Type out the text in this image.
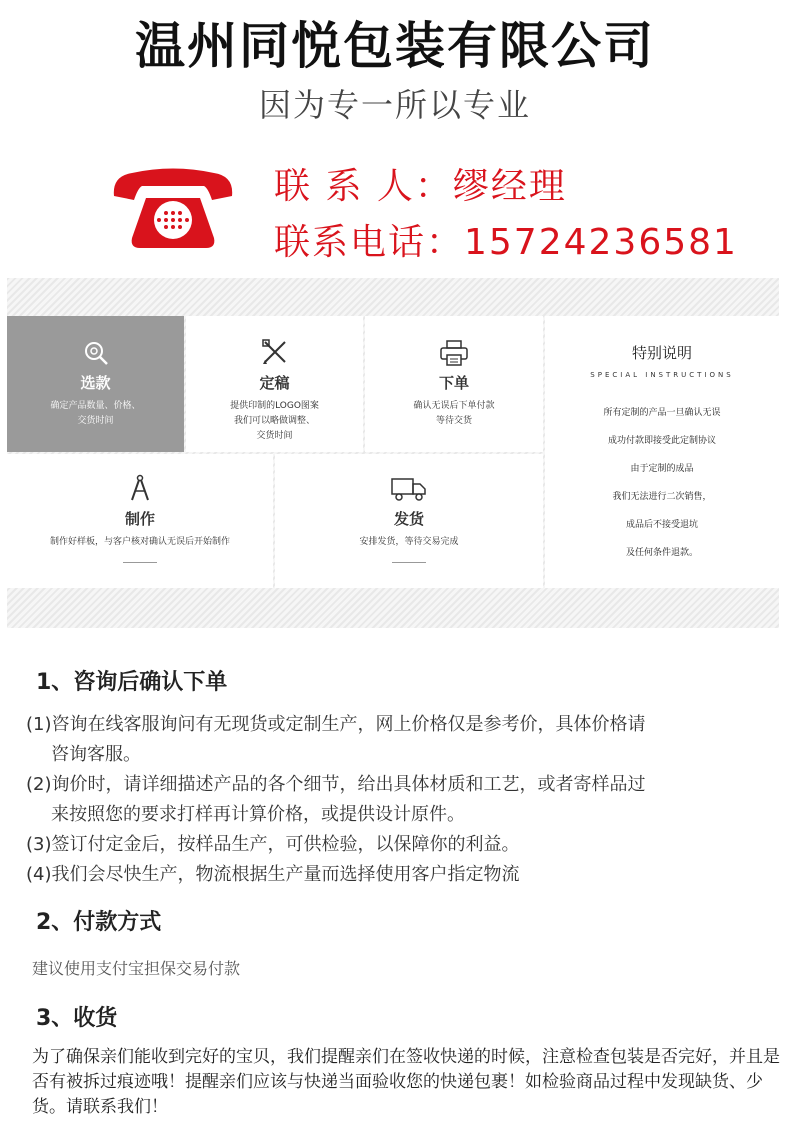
温州同悦包装有限公司
因为专一所以专业
联 系 人：缪经理
联系电话：15724236581
选款
确定产品数量、价格、
交货时间
定稿
提供印制的LOGO图案
我们可以略做调整、
交货时间
下单
确认无误后下单付款
等待交货
制作
制作好样板，与客户核对确认无误后开始制作
发货
安排发货，等待交易完成
特别说明
SPECIAL INSTRUCTIONS
所有定制的产品一旦确认无误
成功付款即接受此定制协议
由于定制的成品
我们无法进行二次销售，
成品后不接受退坑
及任何条件退款。
1、咨询后确认下单
(1)咨询在线客服询问有无现货或定制生产，网上价格仅是参考价，具体价格请
咨询客服。
(2)询价时，请详细描述产品的各个细节，给出具体材质和工艺，或者寄样品过
来按照您的要求打样再计算价格，或提供设计原件。
(3)签订付定金后，按样品生产，可供检验，以保障你的利益。
(4)我们会尽快生产，物流根据生产量而选择使用客户指定物流
2、付款方式
建议使用支付宝担保交易付款
3、收货
为了确保亲们能收到完好的宝贝，我们提醒亲们在签收快递的时候，注意检查包装是否完好，并且是否有被拆过痕迹哦！提醒亲们应该与快递当面验收您的快递包裹！如检验商品过程中发现缺货、少货。请联系我们！
